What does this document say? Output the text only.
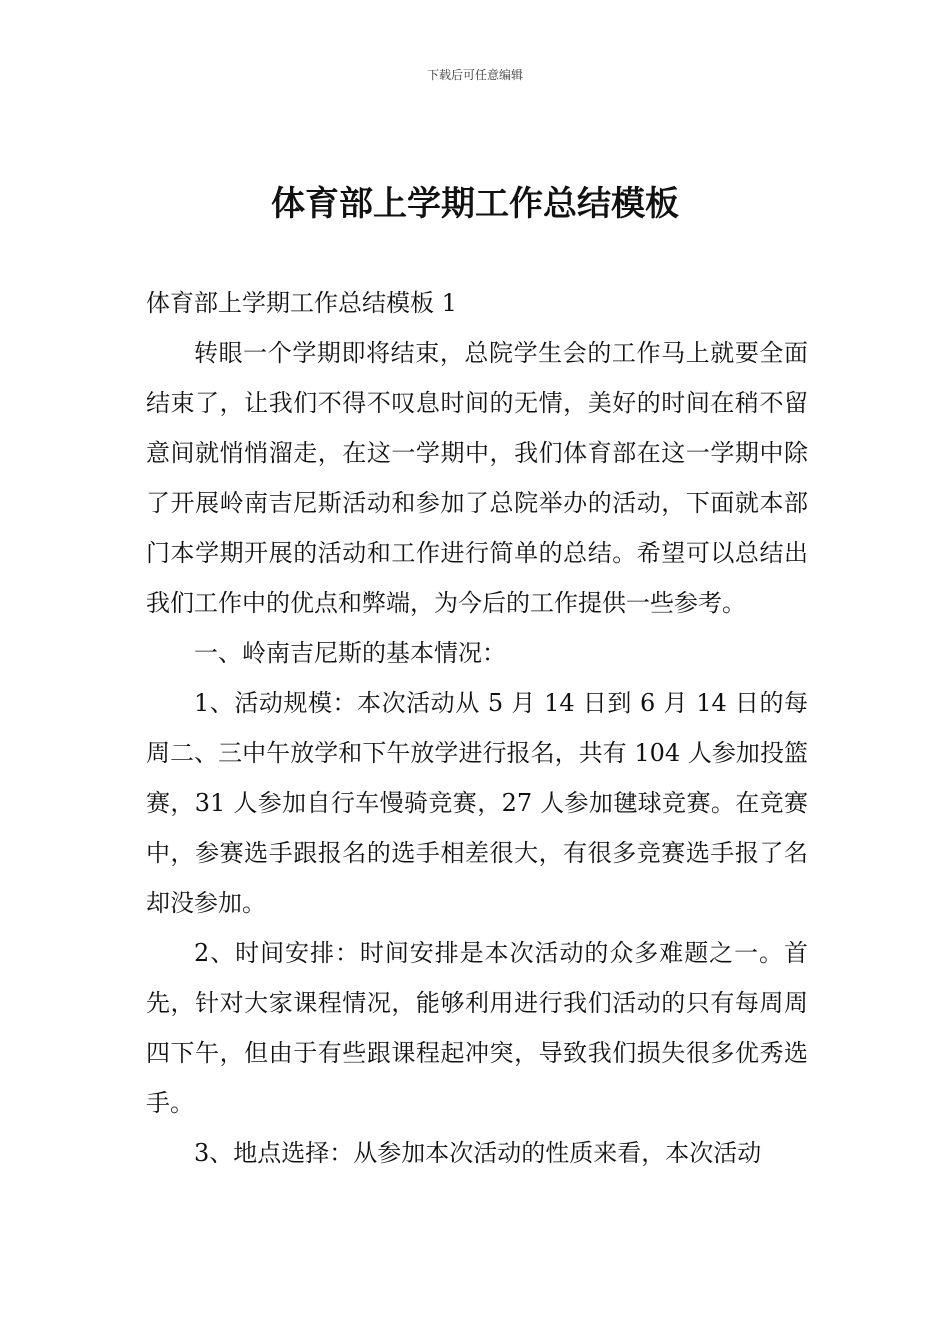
下载后可任意编辑
体育部上学期工作总结模板

体育部上学期工作总结模板 1

转眼一个学期即将结束，总院学生会的工作马上就要全面结束了，让我们不得不叹息时间的无情，美好的时间在稍不留意间就悄悄溜走，在这一学期中，我们体育部在这一学期中除了开展岭南吉尼斯活动和参加了总院举办的活动，下面就本部门本学期开展的活动和工作进行简单的总结。希望可以总结出我们工作中的优点和弊端，为今后的工作提供一些参考。

一、岭南吉尼斯的基本情况：

1、活动规模：本次活动从 5 月 14 日到 6 月 14 日的每周二、三中午放学和下午放学进行报名，共有 104 人参加投篮赛，31 人参加自行车慢骑竞赛，27 人参加毽球竞赛。在竞赛中，参赛选手跟报名的选手相差很大，有很多竞赛选手报了名却没参加。

2、时间安排：时间安排是本次活动的众多难题之一。首先，针对大家课程情况，能够利用进行我们活动的只有每周周四下午，但由于有些跟课程起冲突，导致我们损失很多优秀选手。

3、地点选择：从参加本次活动的性质来看，本次活动
